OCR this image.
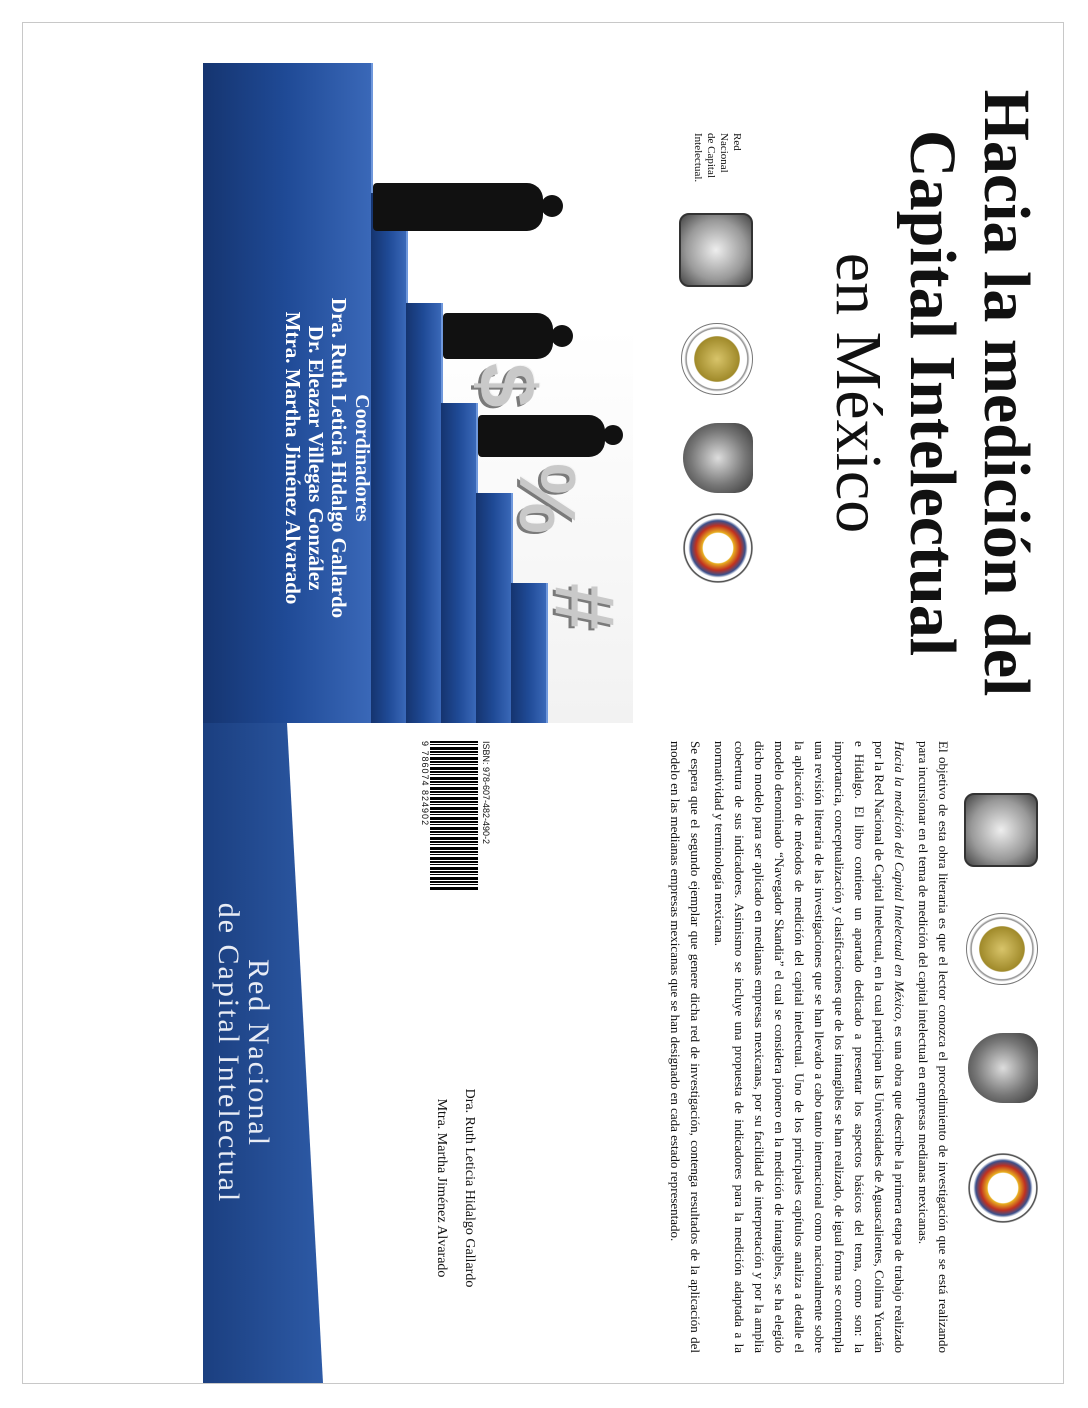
Hacia la medición del
Capital Intelectual
en México
Red Nacional
de Capital
Intelectual.
$
%
#
Coordinadores
Dra. Ruth Leticia Hidalgo Gallardo
Dr. Eleazar Villegas González
Mtra. Martha Jiménez Alvarado

El objetivo de esta obra literaria es que el lector conozca el procedimiento de investigación que se está realizando para incursionar en el tema de medición del capital intelectual en empresas medianas mexicanas.

Hacia la medición del Capital Intelectual en México, es una obra que describe la primera etapa de trabajo realizado por la Red Nacional de Capital Intelectual, en la cual participan las Universidades de Aguascalientes, Colima Yucatán e Hidalgo. El libro contiene un apartado dedicado a presentar los aspectos básicos del tema, como son: la importancia, conceptualización y clasificaciones que de los intangibles se han realizado, de igual forma se contempla una revisión literaria de las investigaciones que se han llevado a cabo tanto internacional como nacionalmente sobre la aplicación de métodos de medición del capital intelectual. Uno de los principales capítulos analiza a detalle el modelo denominado “Navegador Skandia” el cual se considera pionero en la medición de intangibles, se ha elegido dicho modelo para ser aplicado en medianas empresas mexicanas, por su facilidad de interpretación y por la amplia cobertura de sus indicadores. Asimismo se incluye una propuesta de indicadores para la medición adaptada a la normatividad y terminología mexicana.

Se espera que el segundo ejemplar que genere dicha red de investigación, contenga resultados de la aplicación del modelo en las medianas empresas mexicanas que se han designado en cada estado representado.

ISBN: 978-607-482-490-2
9 786074 824902
Dra. Ruth Leticia Hidalgo Gallardo
Mtra. Martha Jiménez Alvarado
Red Nacional
de Capital Intelectual
